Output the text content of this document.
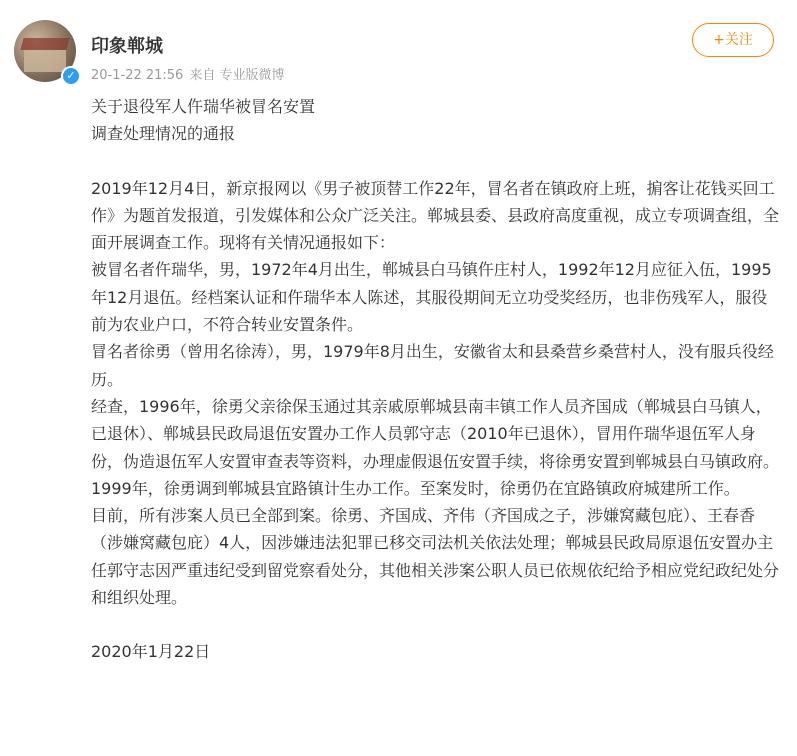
✓
印象郸城
20-1-22 21:56 来自 专业版微博
+关注

关于退役军人仵瑞华被冒名安置

调查处理情况的通报

2019年12月4日，新京报网以《男子被顶替工作22年，冒名者在镇政府上班，掮客让花钱买回工作》为题首发报道，引发媒体和公众广泛关注。郸城县委、县政府高度重视，成立专项调查组，全面开展调查工作。现将有关情况通报如下：

被冒名者仵瑞华，男，1972年4月出生，郸城县白马镇仵庄村人，1992年12月应征入伍，1995年12月退伍。经档案认证和仵瑞华本人陈述，其服役期间无立功受奖经历，也非伤残军人，服役前为农业户口，不符合转业安置条件。

冒名者徐勇（曾用名徐涛），男，1979年8月出生，安徽省太和县桑营乡桑营村人，没有服兵役经历。

经查，1996年，徐勇父亲徐保玉通过其亲戚原郸城县南丰镇工作人员齐国成（郸城县白马镇人，已退休）、郸城县民政局退伍安置办工作人员郭守志（2010年已退休），冒用仵瑞华退伍军人身份，伪造退伍军人安置审查表等资料，办理虚假退伍安置手续，将徐勇安置到郸城县白马镇政府。1999年，徐勇调到郸城县宜路镇计生办工作。至案发时，徐勇仍在宜路镇政府城建所工作。

目前，所有涉案人员已全部到案。徐勇、齐国成、齐伟（齐国成之子，涉嫌窝藏包庇）、王春香（涉嫌窝藏包庇）4人，因涉嫌违法犯罪已移交司法机关依法处理；郸城县民政局原退伍安置办主任郭守志因严重违纪受到留党察看处分，其他相关涉案公职人员已依规依纪给予相应党纪政纪处分和组织处理。

2020年1月22日
